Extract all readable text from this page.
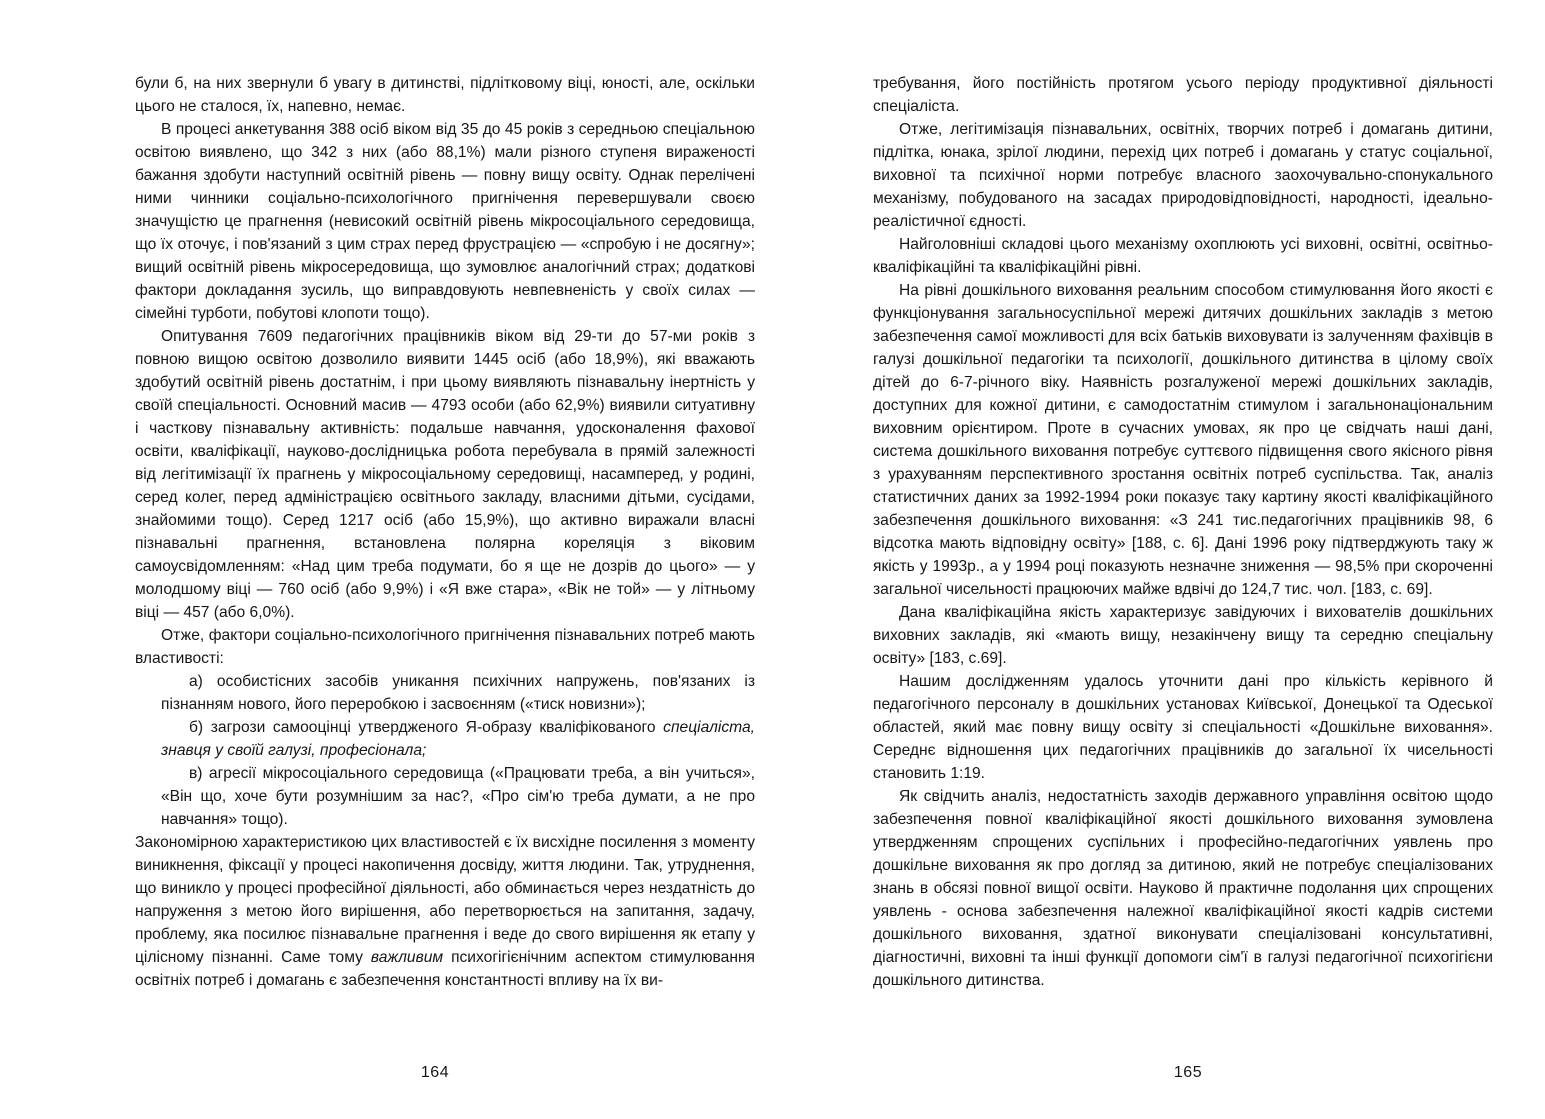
були б, на них звернули б увагу в дитинстві, підлітковому віці, юності, але, оскільки цього не сталося, їх, напевно, немає.

В процесі анкетування 388 осіб віком від 35 до 45 років з середньою спеціальною освітою виявлено, що 342 з них (або 88,1%) мали різного ступеня вираженості бажання здобути наступний освітній рівень — повну вищу освіту. Однак перелічені ними чинники соціально-психологічного пригнічення перевершували своєю значущістю це прагнення (невисокий освітній рівень мікросоціального середовища, що їх оточує, і пов'язаний з цим страх перед фрустрацією — «спробую і не досягну»; вищий освітній рівень мікросередовища, що зумовлює аналогічний страх; додаткові фактори докладання зусиль, що виправдовують невпевненість у своїх силах — сімейні турботи, побутові клопоти тощо).

Опитування 7609 педагогічних працівників віком від 29-ти до 57-ми років з повною вищою освітою дозволило виявити 1445 осіб (або 18,9%), які вважають здобутий освітній рівень достатнім, і при цьому виявляють пізнавальну інертність у своїй спеціальності. Основний масив — 4793 особи (або 62,9%) виявили ситуативну і часткову пізнавальну активність: подальше навчання, удосконалення фахової освіти, кваліфікації, науково-дослідницька робота перебувала в прямій залежності від легітимізації їх прагнень у мікросоціальному середовищі, насамперед, у родині, серед колег, перед адміністрацією освітнього закладу, власними дітьми, сусідами, знайомими тощо). Серед 1217 осіб (або 15,9%), що активно виражали власні пізнавальні прагнення, встановлена полярна кореляція з віковим самоусвідомленням: «Над цим треба подумати, бо я ще не дозрів до цього» — у молодшому віці — 760 осіб (або 9,9%) і «Я вже стара», «Вік не той» — у літньому віці — 457 (або 6,0%).

Отже, фактори соціально-психологічного пригнічення пізнавальних потреб мають властивості:

а) особистісних засобів уникання психічних напружень, пов'язаних із пізнанням нового, його переробкою і засвоєнням («тиск новизни»);

б) загрози самооцінці утвердженого Я-образу кваліфікованого спеціаліста, знавця у своїй галузі, професіонала;

в) агресії мікросоціального середовища («Працювати треба, а він учиться», «Він що, хоче бути розумнішим за нас?, «Про сім'ю треба думати, а не про навчання» тощо).

Закономірною характеристикою цих властивостей є їх висхідне посилення з моменту виникнення, фіксації у процесі накопичення досвіду, життя людини. Так, утруднення, що виникло у процесі професійної діяльності, або обминається через нездатність до напруження з метою його вирішення, або перетворюється на запитання, задачу, проблему, яка посилює пізнавальне прагнення і веде до свого вирішення як етапу у цілісному пізнанні. Саме тому важливим психогігієнічним аспектом стимулювання освітніх потреб і домагань є забезпечення константності впливу на їх ви-

требування, його постійність протягом усього періоду продуктивної діяльності спеціаліста.

Отже, легітимізація пізнавальних, освітніх, творчих потреб і домагань дитини, підлітка, юнака, зрілої людини, перехід цих потреб і домагань у статус соціальної, виховної та психічної норми потребує власного заохочувально-спонукального механізму, побудованого на засадах природовідповідності, народності, ідеально-реалістичної єдності.

Найголовніші складові цього механізму охоплюють усі виховні, освітні, освітньо-кваліфікаційні та кваліфікаційні рівні.

На рівні дошкільного виховання реальним способом стимулювання його якості є функціонування загальносуспільної мережі дитячих дошкільних закладів з метою забезпечення самої можливості для всіх батьків виховувати із залученням фахівців в галузі дошкільної педагогіки та психології, дошкільного дитинства в цілому своїх дітей до 6-7-річного віку. Наявність розгалуженої мережі дошкільних закладів, доступних для кожної дитини, є самодостатнім стимулом і загальнонаціональним виховним орієнтиром. Проте в сучасних умовах, як про це свідчать наші дані, система дошкільного виховання потребує суттєвого підвищення свого якісного рівня з урахуванням перспективного зростання освітніх потреб суспільства. Так, аналіз статистичних даних за 1992-1994 роки показує таку картину якості кваліфікаційного забезпечення дошкільного виховання: «З 241 тис.педагогічних працівників 98, 6 відсотка мають відповідну освіту» [188, с. 6]. Дані 1996 року підтверджують таку ж якість у 1993р., а у 1994 році показують незначне зниження — 98,5% при скороченні загальної чисельності працюючих майже вдвічі до 124,7 тис. чол. [183, с. 69].

Дана кваліфікаційна якість характеризує завідуючих і вихователів дошкільних виховних закладів, які «мають вищу, незакінчену вищу та середню спеціальну освіту» [183, с.69].

Нашим дослідженням удалось уточнити дані про кількість керівного й педагогічного персоналу в дошкільних установах Київської, Донецької та Одеської областей, який має повну вищу освіту зі спеціальності «Дошкільне виховання». Середнє відношення цих педагогічних працівників до загальної їх чисельності становить 1:19.

Як свідчить аналіз, недостатність заходів державного управління освітою щодо забезпечення повної кваліфікаційної якості дошкільного виховання зумовлена утвердженням спрощених суспільних і професійно-педагогічних уявлень про дошкільне виховання як про догляд за дитиною, який не потребує спеціалізованих знань в обсязі повної вищої освіти. Науково й практичне подолання цих спрощених уявлень - основа забезпечення належної кваліфікаційної якості кадрів системи дошкільного виховання, здатної виконувати спеціалізовані консультативні, діагностичні, виховні та інші функції допомоги сім'ї в галузі педагогічної психогігієни дошкільного дитинства.

164	165
